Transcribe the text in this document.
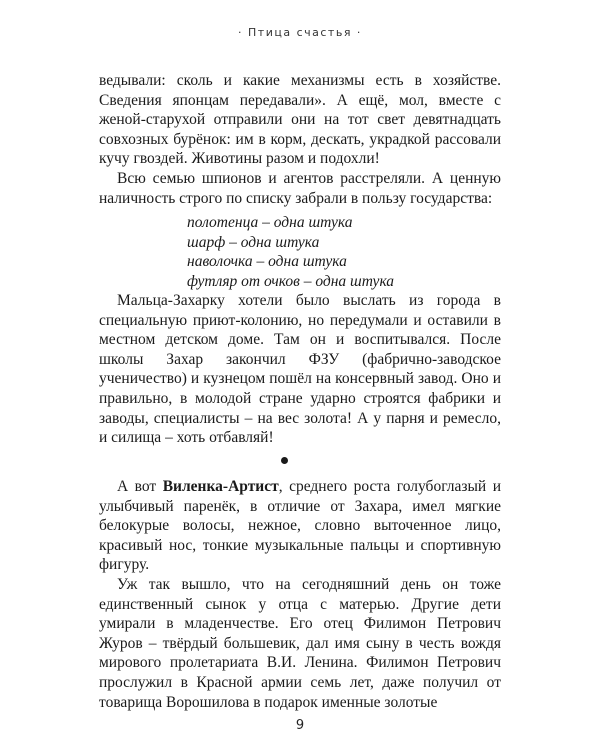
· Птица счастья ·

ведывали: сколь и какие механизмы есть в хозяйстве. Сведения японцам передавали». А ещё, мол, вместе с женой-старухой отправили они на тот свет девятнадцать совхозных бурёнок: им в корм, дескать, украдкой рассовали кучу гвоздей. Животины разом и подохли!

Всю семью шпионов и агентов расстреляли. А ценную наличность строго по списку забрали в пользу государства:

полотенца – одна штука
шарф – одна штука
наволочка – одна штука
футляр от очков – одна штука

Мальца-Захарку хотели было выслать из города в специальную приют-колонию, но передумали и оставили в местном детском доме. Там он и воспитывался. После школы Захар закончил ФЗУ (фабрично-заводское ученичество) и кузнецом пошёл на консервный завод. Оно и правильно, в молодой стране ударно строятся фабрики и заводы, специалисты – на вес золота! А у парня и ремесло, и силища – хоть отбавляй!

А вот Виленка-Артист, среднего роста голубоглазый и улыбчивый паренёк, в отличие от Захара, имел мягкие белокурые волосы, нежное, словно выточенное лицо, красивый нос, тонкие музыкальные пальцы и спортивную фигуру.

Уж так вышло, что на сегодняшний день он тоже единственный сынок у отца с матерью. Другие дети умирали в младенчестве. Его отец Филимон Петрович Журов – твёрдый большевик, дал имя сыну в честь вождя мирового пролетариата В.И. Ленина. Филимон Петрович прослужил в Красной армии семь лет, даже получил от товарища Ворошилова в подарок именные золотые

9
